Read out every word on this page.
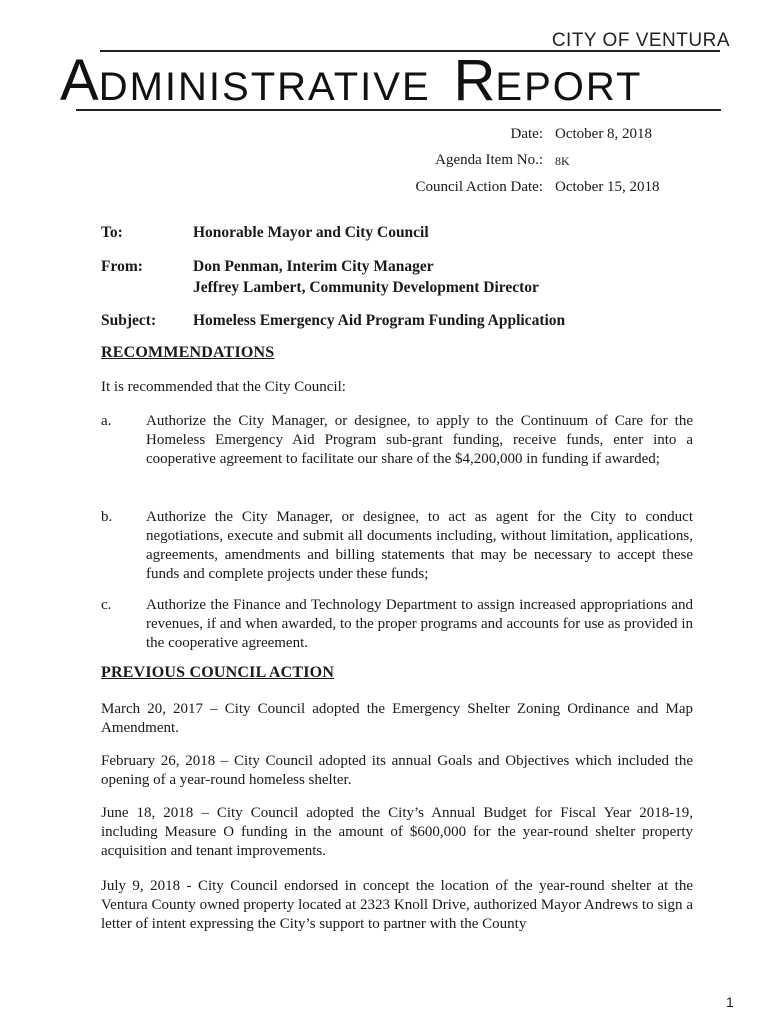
CITY OF VENTURA
ADMINISTRATIVE REPORT
Date: October 8, 2018
Agenda Item No.: 8K
Council Action Date: October 15, 2018
To:	Honorable Mayor and City Council
From:	Don Penman, Interim City Manager
Jeffrey Lambert, Community Development Director
Subject: Homeless Emergency Aid Program Funding Application
RECOMMENDATIONS
It is recommended that the City Council:
a. Authorize the City Manager, or designee, to apply to the Continuum of Care for the Homeless Emergency Aid Program sub-grant funding, receive funds, enter into a cooperative agreement to facilitate our share of the $4,200,000 in funding if awarded;
b. Authorize the City Manager, or designee, to act as agent for the City to conduct negotiations, execute and submit all documents including, without limitation, applications, agreements, amendments and billing statements that may be necessary to accept these funds and complete projects under these funds;
c. Authorize the Finance and Technology Department to assign increased appropriations and revenues, if and when awarded, to the proper programs and accounts for use as provided in the cooperative agreement.
PREVIOUS COUNCIL ACTION
March 20, 2017 – City Council adopted the Emergency Shelter Zoning Ordinance and Map Amendment.
February 26, 2018 – City Council adopted its annual Goals and Objectives which included the opening of a year-round homeless shelter.
June 18, 2018 – City Council adopted the City’s Annual Budget for Fiscal Year 2018-19, including Measure O funding in the amount of $600,000 for the year-round shelter property acquisition and tenant improvements.
July 9, 2018 - City Council endorsed in concept the location of the year-round shelter at the Ventura County owned property located at 2323 Knoll Drive, authorized Mayor Andrews to sign a letter of intent expressing the City’s support to partner with the County
1
